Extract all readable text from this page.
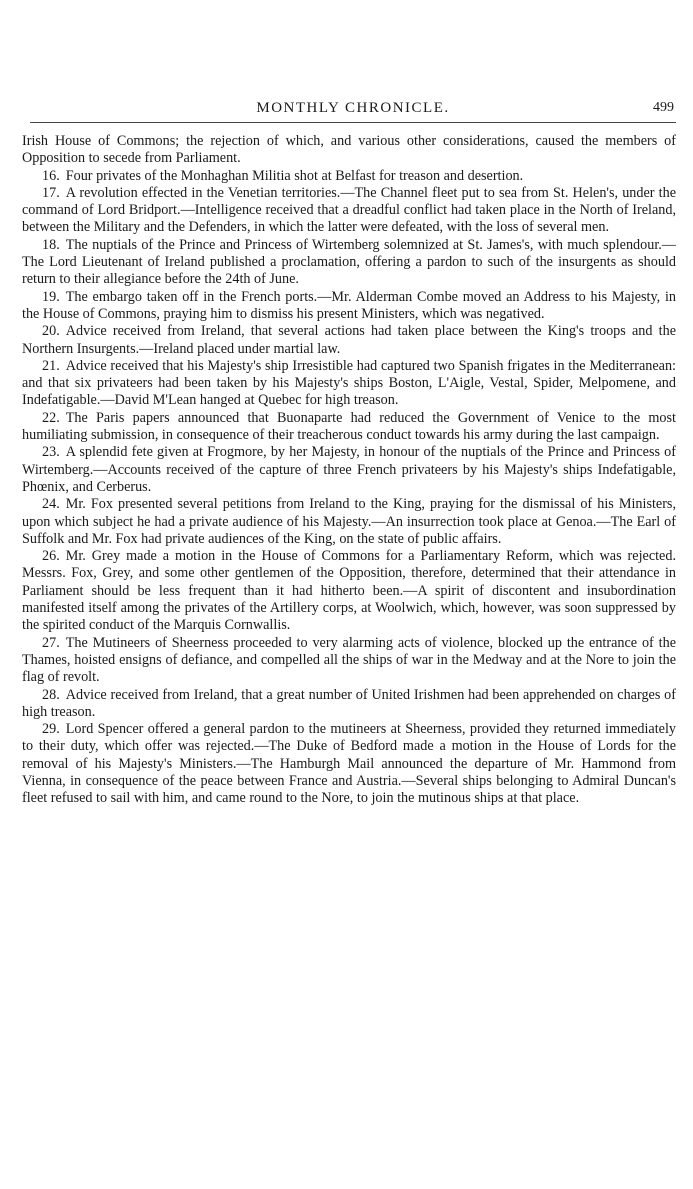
MONTHLY CHRONICLE.	499

Irish House of Commons; the rejection of which, and various other considerations, caused the members of Opposition to secede from Parliament.

16. Four privates of the Monhaghan Militia shot at Belfast for treason and desertion.

17. A revolution effected in the Venetian territories.—The Channel fleet put to sea from St. Helen's, under the command of Lord Bridport.—Intelligence received that a dreadful conflict had taken place in the North of Ireland, between the Military and the Defenders, in which the latter were defeated, with the loss of several men.

18. The nuptials of the Prince and Princess of Wirtemberg solemnized at St. James's, with much splendour.—The Lord Lieutenant of Ireland published a proclamation, offering a pardon to such of the insurgents as should return to their allegiance before the 24th of June.

19. The embargo taken off in the French ports.—Mr. Alderman Combe moved an Address to his Majesty, in the House of Commons, praying him to dismiss his present Ministers, which was negatived.

20. Advice received from Ireland, that several actions had taken place between the King's troops and the Northern Insurgents.—Ireland placed under martial law.

21. Advice received that his Majesty's ship Irresistible had captured two Spanish frigates in the Mediterranean: and that six privateers had been taken by his Majesty's ships Boston, L'Aigle, Vestal, Spider, Melpomene, and Indefatigable.—David M'Lean hanged at Quebec for high treason.

22. The Paris papers announced that Buonaparte had reduced the Government of Venice to the most humiliating submission, in consequence of their treacherous conduct towards his army during the last campaign.

23. A splendid fete given at Frogmore, by her Majesty, in honour of the nuptials of the Prince and Princess of Wirtemberg.—Accounts received of the capture of three French privateers by his Majesty's ships Indefatigable, Phœnix, and Cerberus.

24. Mr. Fox presented several petitions from Ireland to the King, praying for the dismissal of his Ministers, upon which subject he had a private audience of his Majesty.—An insurrection took place at Genoa.—The Earl of Suffolk and Mr. Fox had private audiences of the King, on the state of public affairs.

26. Mr. Grey made a motion in the House of Commons for a Parliamentary Reform, which was rejected. Messrs. Fox, Grey, and some other gentlemen of the Opposition, therefore, determined that their attendance in Parliament should be less frequent than it had hitherto been.—A spirit of discontent and insubordination manifested itself among the privates of the Artillery corps, at Woolwich, which, however, was soon suppressed by the spirited conduct of the Marquis Cornwallis.

27. The Mutineers of Sheerness proceeded to very alarming acts of violence, blocked up the entrance of the Thames, hoisted ensigns of defiance, and compelled all the ships of war in the Medway and at the Nore to join the flag of revolt.

28. Advice received from Ireland, that a great number of United Irishmen had been apprehended on charges of high treason.

29. Lord Spencer offered a general pardon to the mutineers at Sheerness, provided they returned immediately to their duty, which offer was rejected.—The Duke of Bedford made a motion in the House of Lords for the removal of his Majesty's Ministers.—The Hamburgh Mail announced the departure of Mr. Hammond from Vienna, in consequence of the peace between France and Austria.—Several ships belonging to Admiral Duncan's fleet refused to sail with him, and came round to the Nore, to join the mutinous ships at that place.
